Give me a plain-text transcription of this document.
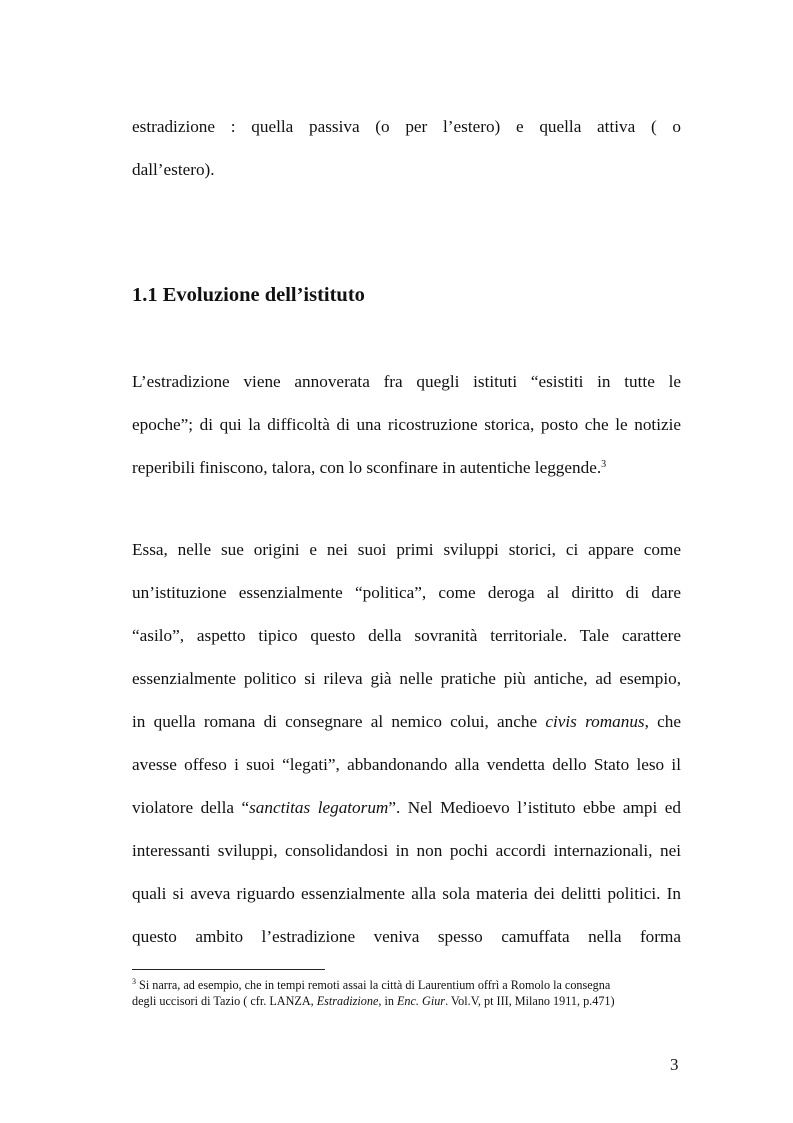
estradizione : quella passiva (o per l’estero) e quella attiva ( o
dall’estero).
1.1 Evoluzione dell’istituto
L’estradizione viene annoverata fra quegli istituti “esistiti in tutte le
epoche”; di qui la difficoltà di una ricostruzione storica, posto che le notizie
reperibili finiscono, talora, con lo sconfinare in autentiche leggende.$^3$
Essa, nelle sue origini e nei suoi primi sviluppi storici, ci appare come
un’istituzione essenzialmente “politica”, come deroga al diritto di dare
“asilo”, aspetto tipico questo della sovranità territoriale. Tale carattere
essenzialmente politico si rileva già nelle pratiche più antiche, ad esempio,
in quella romana di consegnare al nemico colui, anche civis romanus, che
avesse offeso i suoi “legati”, abbandonando alla vendetta dello Stato leso il
violatore della “sanctitas legatorum”. Nel Medioevo l’istituto ebbe ampi ed
interessanti sviluppi, consolidandosi in non pochi accordi internazionali, nei
quali si aveva riguardo essenzialmente alla sola materia dei delitti politici. In
questo ambito l’estradizione veniva spesso camuffata nella forma
$^3$ Si narra, ad esempio, che in tempi remoti assai la città di Laurentium offrì a Romolo la consegna
degli uccisori di Tazio ( cfr. LANZA, Estradizione, in Enc. Giur. Vol.V, pt III, Milano 1911, p.471)
3
